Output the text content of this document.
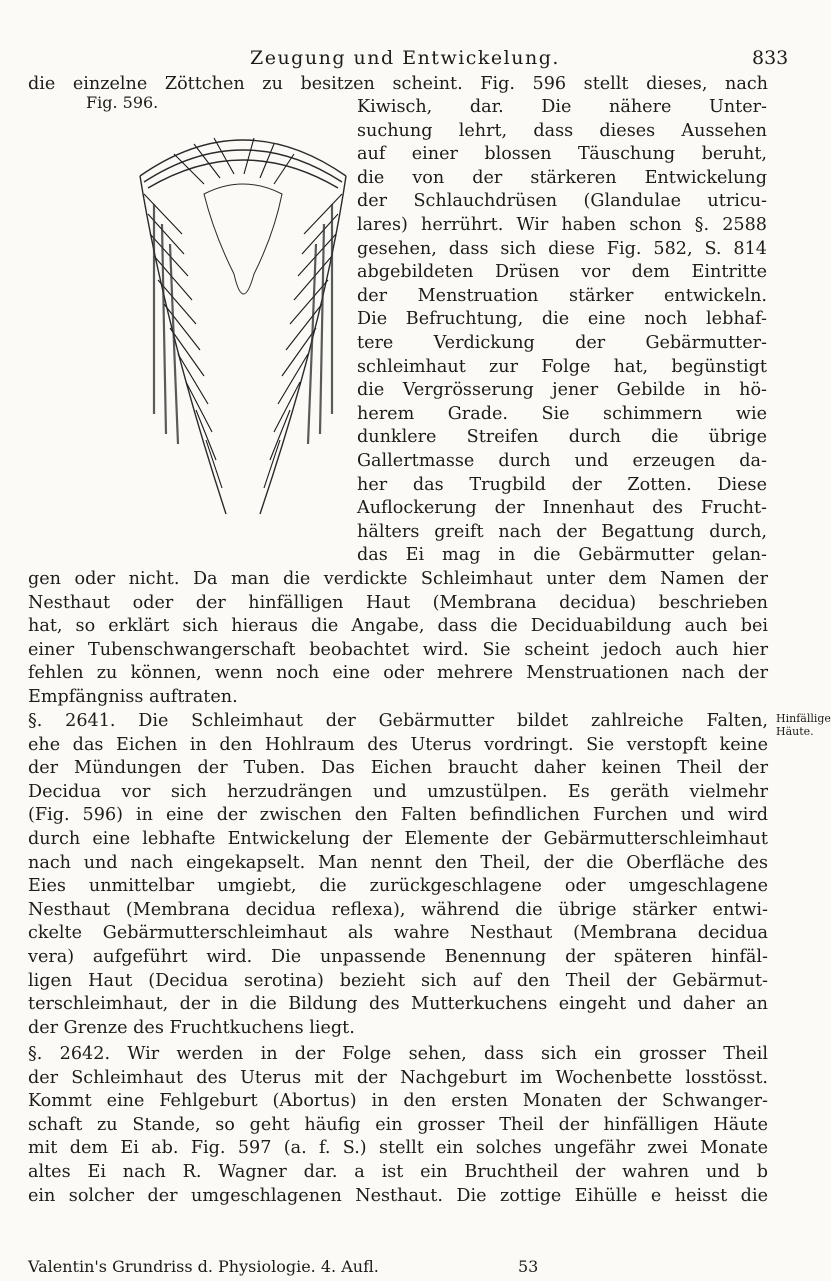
Zeugung und Entwickelung.	833
die einzelne Zöttchen zu besitzen scheint. Fig. 596 stellt dieses, nach
Fig. 596.	Kiwisch, dar. Die nähere Unter-
suchung lehrt, dass dieses Aussehen
auf einer blossen Täuschung beruht,
die von der stärkeren Entwickelung
der Schlauchdrüsen (Glandulae utricu-
lares) herrührt. Wir haben schon §. 2588
gesehen, dass sich diese Fig. 582, S. 814
abgebildeten Drüsen vor dem Eintritte
der Menstruation stärker entwickeln.
Die Befruchtung, die eine noch lebhaf-
tere Verdickung der Gebärmutter-
schleimhaut zur Folge hat, begünstigt
die Vergrösserung jener Gebilde in hö-
herem Grade. Sie schimmern wie
dunklere Streifen durch die übrige
Gallertmasse durch und erzeugen da-
her das Trugbild der Zotten. Diese
Auflockerung der Innenhaut des Frucht-
hälters greift nach der Begattung durch,
das Ei mag in die Gebärmutter gelan-
gen oder nicht. Da man die verdickte Schleimhaut unter dem Namen der
Nesthaut oder der hinfälligen Haut (Membrana decidua) beschrieben
hat, so erklärt sich hieraus die Angabe, dass die Deciduabildung auch bei
einer Tubenschwangerschaft beobachtet wird. Sie scheint jedoch auch hier
fehlen zu können, wenn noch eine oder mehrere Menstruationen nach der
Empfängniss auftraten.
§. 2641. Die Schleimhaut der Gebärmutter bildet zahlreiche Falten,
ehe das Eichen in den Hohlraum des Uterus vordringt. Sie verstopft keine
der Mündungen der Tuben. Das Eichen braucht daher keinen Theil der
Decidua vor sich herzudrängen und umzustülpen. Es geräth vielmehr
(Fig. 596) in eine der zwischen den Falten befindlichen Furchen und wird
durch eine lebhafte Entwickelung der Elemente der Gebärmutterschleimhaut
nach und nach eingekapselt. Man nennt den Theil, der die Oberfläche des
Eies unmittelbar umgiebt, die zurückgeschlagene oder umgeschlagene
Nesthaut (Membrana decidua reflexa), während die übrige stärker entwi-
ckelte Gebärmutterschleimhaut als wahre Nesthaut (Membrana decidua
vera) aufgeführt wird. Die unpassende Benennung der späteren hinfäl-
ligen Haut (Decidua serotina) bezieht sich auf den Theil der Gebärmut-
terschleimhaut, der in die Bildung des Mutterkuchens eingeht und daher an
der Grenze des Fruchtkuchens liegt.
Hinfällige
Häute.
§. 2642. Wir werden in der Folge sehen, dass sich ein grosser Theil
der Schleimhaut des Uterus mit der Nachgeburt im Wochenbette losstösst.
Kommt eine Fehlgeburt (Abortus) in den ersten Monaten der Schwanger-
schaft zu Stande, so geht häufig ein grosser Theil der hinfälligen Häute
mit dem Ei ab. Fig. 597 (a. f. S.) stellt ein solches ungefähr zwei Monate
altes Ei nach R. Wagner dar. a ist ein Bruchtheil der wahren und b
ein solcher der umgeschlagenen Nesthaut. Die zottige Eihülle e heisst die
Valentin's Grundriss d. Physiologie. 4. Aufl.	53
